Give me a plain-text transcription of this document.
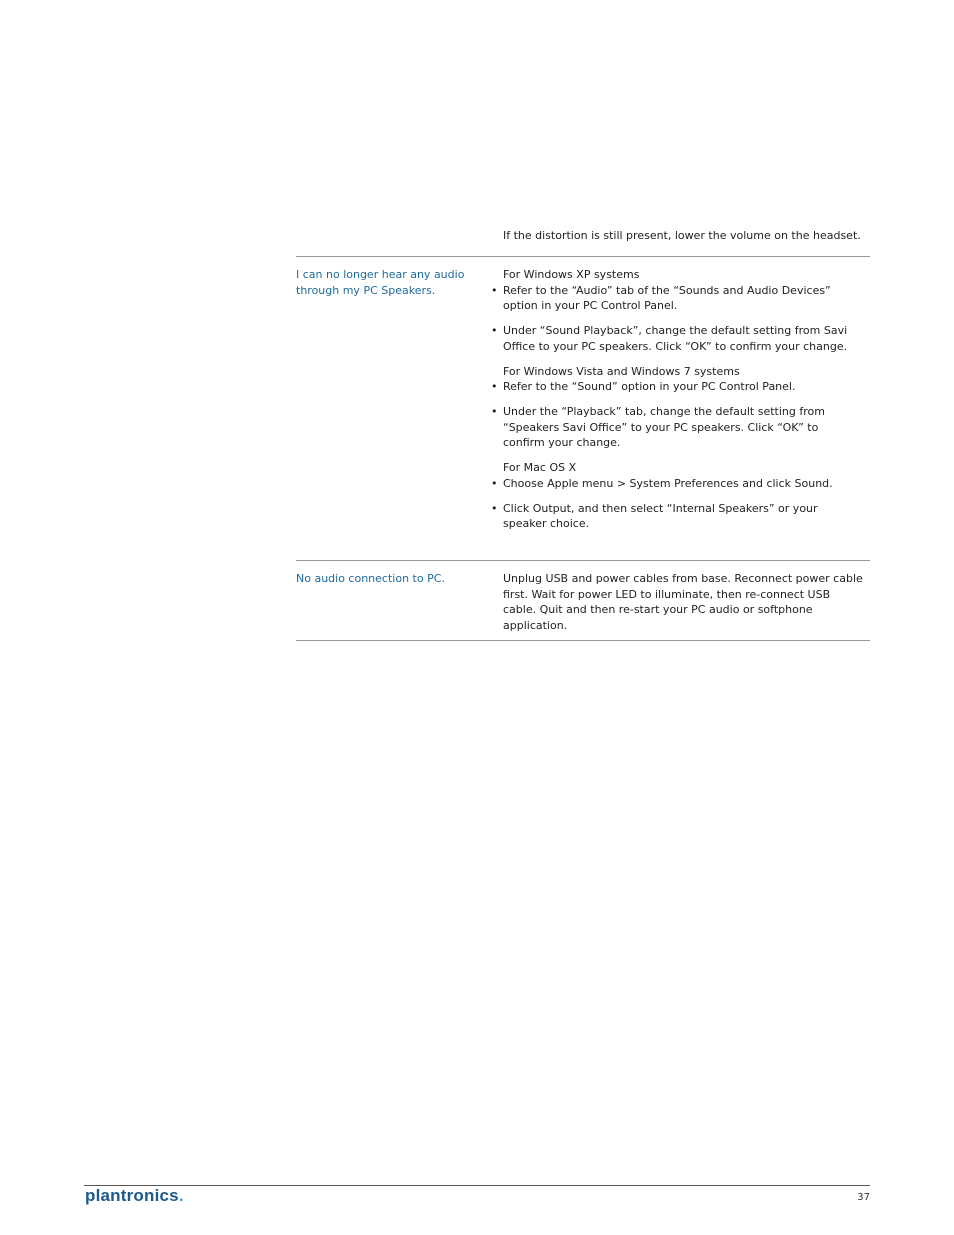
If the distortion is still present, lower the volume on the headset.
I can no longer hear any audio through my PC Speakers.

For Windows XP systems

• Refer to the “Audio” tab of the “Sounds and Audio Devices” option in your PC Control Panel.
• Under “Sound Playback”, change the default setting from Savi Office to your PC speakers. Click “OK” to confirm your change.

For Windows Vista and Windows 7 systems

• Refer to the “Sound” option in your PC Control Panel.
• Under the “Playback” tab, change the default setting from “Speakers Savi Office” to your PC speakers. Click “OK” to confirm your change.

For Mac OS X

• Choose Apple menu > System Preferences and click Sound.
• Click Output, and then select “Internal Speakers” or your speaker choice.
No audio connection to PC.	Unplug USB and power cables from base. Reconnect power cable first. Wait for power LED to illuminate, then re-connect USB cable. Quit and then re-start your PC audio or softphone application.

plantronics.	37
